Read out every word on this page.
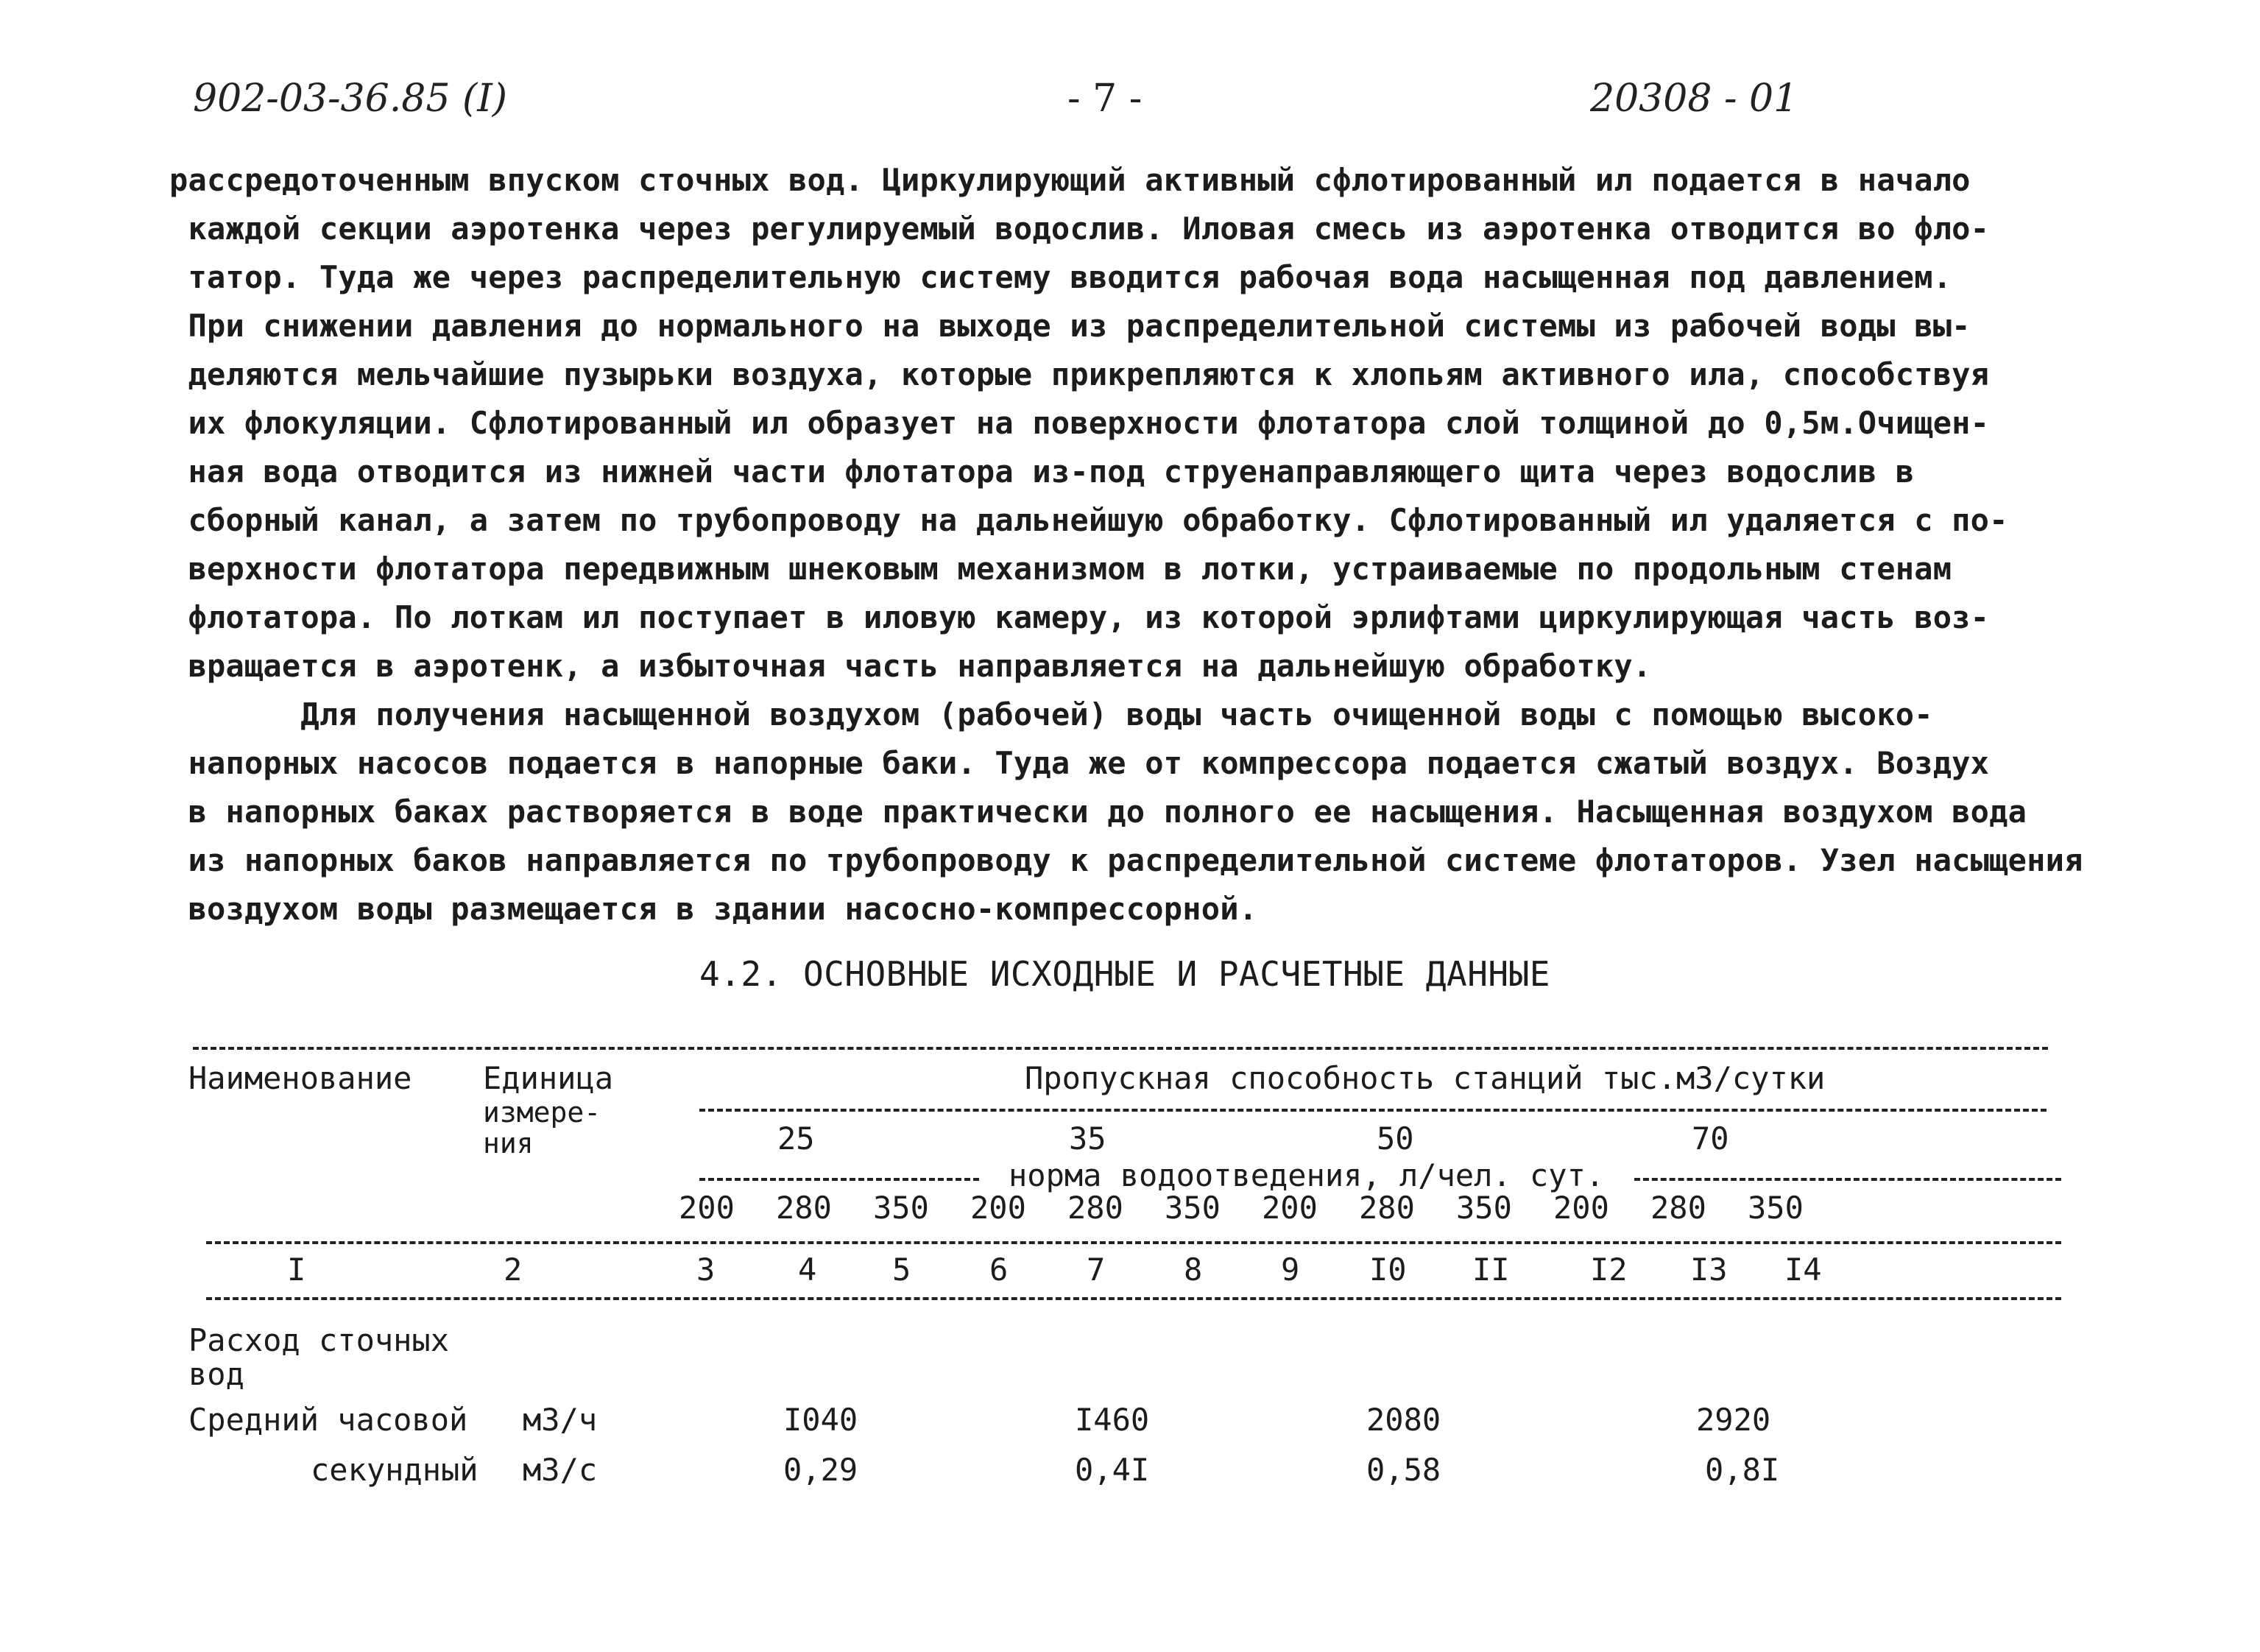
902-03-36.85 (I)	- 7 -	20308 - 01
рассредоточенным впуском сточных вод. Циркулирующий активный сфлотированный ил подается в начало
каждой секции аэротенка через регулируемый водослив. Иловая смесь из аэротенка отводится во фло-
татор. Туда же через распределительную систему вводится рабочая вода насыщенная под давлением.
При снижении давления до нормального на выходе из распределительной системы из рабочей воды вы-
деляются мельчайшие пузырьки воздуха, которые прикрепляются к хлопьям активного ила, способствуя
их флокуляции. Сфлотированный ил образует на поверхности флотатора слой толщиной до 0,5м.Очищен-
ная вода отводится из нижней части флотатора из-под струенаправляющего щита через водослив в
сборный канал, а затем по трубопроводу на дальнейшую обработку. Сфлотированный ил удаляется с по-
верхности флотатора передвижным шнековым механизмом в лотки, устраиваемые по продольным стенам
флотатора. По лоткам ил поступает в иловую камеру, из которой эрлифтами циркулирующая часть воз-
вращается в аэротенк, а избыточная часть направляется на дальнейшую обработку.
Для получения насыщенной воздухом (рабочей) воды часть очищенной воды с помощью высоко-
напорных насосов подается в напорные баки. Туда же от компрессора подается сжатый воздух. Воздух
в напорных баках растворяется в воде практически до полного ее насыщения. Насыщенная воздухом вода
из напорных баков направляется по трубопроводу к распределительной системе флотаторов. Узел насыщения
воздухом воды размещается в здании насосно-компрессорной.
4.2. ОСНОВНЫЕ ИСХОДНЫЕ И РАСЧЕТНЫЕ ДАННЫЕ
Наименование Единица
измере-
ния
Пропускная способность станций тыс.м3/сутки
25	35	50	70
норма водоотведения, л/чел. сут.
200 280 350 200 280 350 200 280 350 200 280 350
I	2	3	4 5	6	7	8	9 I0 II	I2 I3 I4
Расход сточных
вод
Средний часовой м3/ч	I040	I460	2080	2920
секундный м3/с	0,29	0,4I	0,58	0,8I
